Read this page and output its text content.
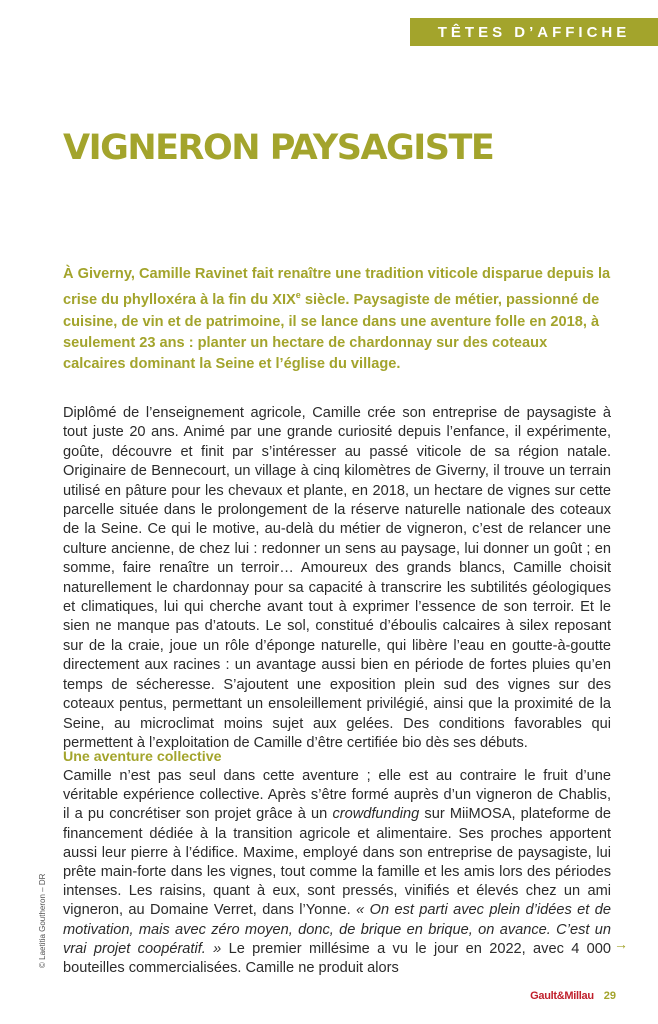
TÊTES D’AFFICHE
VIGNERON PAYSAGISTE

À Giverny, Camille Ravinet fait renaître une tradition viticole disparue depuis la crise du phylloxéra à la fin du XIXe siècle. Paysagiste de métier, passionné de cuisine, de vin et de patrimoine, il se lance dans une aventure folle en 2018, à seulement 23 ans : planter un hectare de chardonnay sur des coteaux calcaires dominant la Seine et l’église du village.

Diplômé de l’enseignement agricole, Camille crée son entreprise de paysagiste à tout juste 20 ans. Animé par une grande curiosité depuis l’enfance, il expérimente, goûte, découvre et finit par s’intéresser au passé viticole de sa région natale. Originaire de Bennecourt, un village à cinq kilomètres de Giverny, il trouve un terrain utilisé en pâture pour les chevaux et plante, en 2018, un hectare de vignes sur cette parcelle située dans le prolongement de la réserve naturelle nationale des coteaux de la Seine. Ce qui le motive, au-delà du métier de vigneron, c’est de relancer une culture ancienne, de chez lui : redonner un sens au paysage, lui donner un goût ; en somme, faire renaître un terroir… Amoureux des grands blancs, Camille choisit naturellement le chardonnay pour sa capacité à transcrire les subtilités géologiques et climatiques, lui qui cherche avant tout à exprimer l’essence de son terroir. Et le sien ne manque pas d’atouts. Le sol, constitué d’éboulis calcaires à silex reposant sur de la craie, joue un rôle d’éponge naturelle, qui libère l’eau en goutte-à-goutte directement aux racines : un avantage aussi bien en période de fortes pluies qu’en temps de sécheresse. S’ajoutent une exposition plein sud des vignes sur des coteaux pentus, permettant un ensoleillement privilégié, ainsi que la proximité de la Seine, au microclimat moins sujet aux gelées. Des conditions favorables qui permettent à l’exploitation de Camille d’être certifiée bio dès ses débuts.

Une aventure collective

Camille n’est pas seul dans cette aventure ; elle est au contraire le fruit d’une véritable expérience collective. Après s’être formé auprès d’un vigneron de Chablis, il a pu concrétiser son projet grâce à un crowdfunding sur MiiMOSA, plateforme de financement dédiée à la transition agricole et alimentaire. Ses proches apportent aussi leur pierre à l’édifice. Maxime, employé dans son entreprise de paysagiste, lui prête main-forte dans les vignes, tout comme la famille et les amis lors des périodes intenses. Les raisins, quant à eux, sont pressés, vinifiés et élevés chez un ami vigneron, au Domaine Verret, dans l’Yonne. « On est parti avec plein d’idées et de motivation, mais avec zéro moyen, donc, de brique en brique, on avance. C’est un vrai projet coopératif. » Le premier millésime a vu le jour en 2022, avec 4 000 bouteilles commercialisées. Camille ne produit alors

→
© Laetitia Goutheron – DR
Gault&Millau 29
